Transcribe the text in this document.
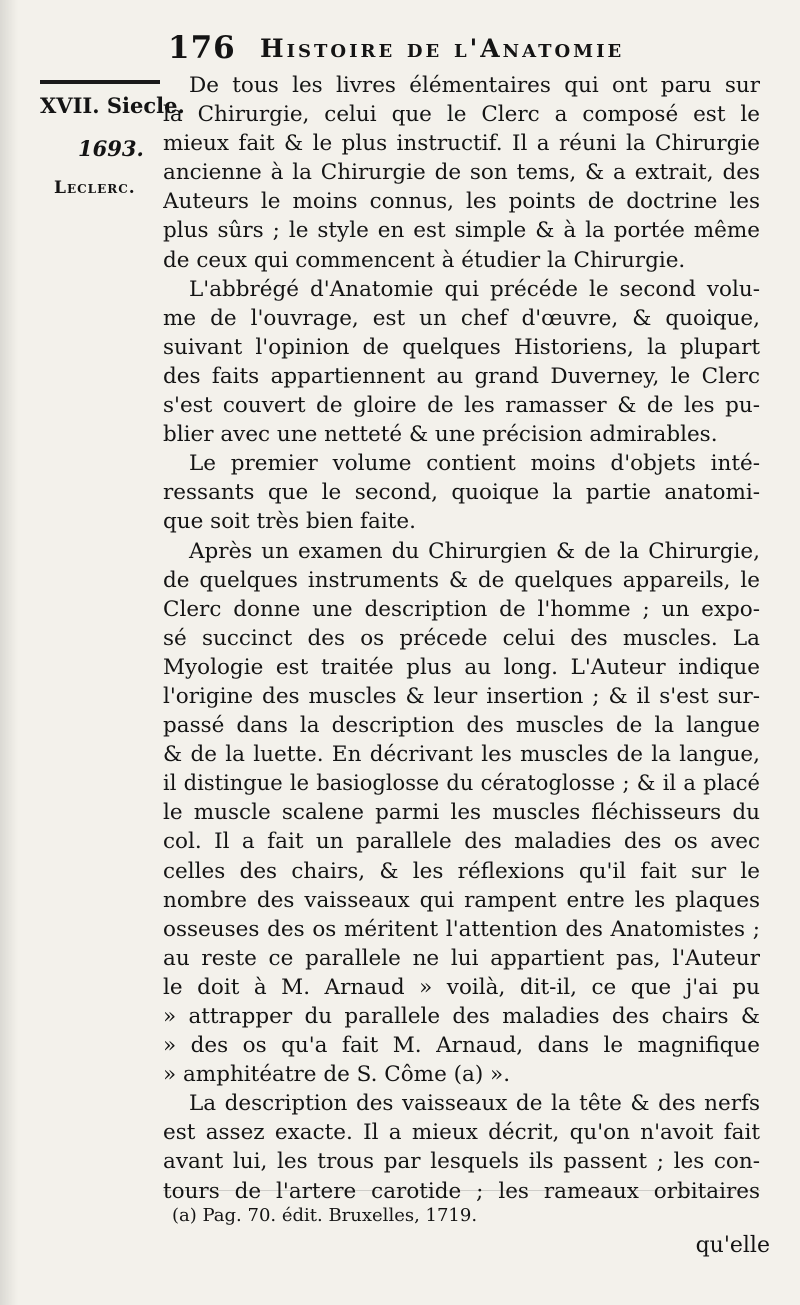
176 Histoire de l'Anatomie
XVII. Siecle.
1693.
Leclerc.
De tous les livres élémentaires qui ont paru sur
la Chirurgie, celui que le Clerc a composé est le
mieux fait & le plus instructif. Il a réuni la Chirurgie
ancienne à la Chirurgie de son tems, & a extrait, des
Auteurs le moins connus, les points de doctrine les
plus sûrs ; le style en est simple & à la portée même
de ceux qui commencent à étudier la Chirurgie.
L'abbrégé d'Anatomie qui précéde le second volu-
me de l'ouvrage, est un chef d'œuvre, & quoique,
suivant l'opinion de quelques Historiens, la plupart
des faits appartiennent au grand Duverney, le Clerc
s'est couvert de gloire de les ramasser & de les pu-
blier avec une netteté & une précision admirables.
Le premier volume contient moins d'objets inté-
ressants que le second, quoique la partie anatomi-
que soit très bien faite.
Après un examen du Chirurgien & de la Chirurgie,
de quelques instruments & de quelques appareils, le
Clerc donne une description de l'homme ; un expo-
sé succinct des os précede celui des muscles. La
Myologie est traitée plus au long. L'Auteur indique
l'origine des muscles & leur insertion ; & il s'est sur-
passé dans la description des muscles de la langue
& de la luette. En décrivant les muscles de la langue,
il distingue le basioglosse du cératoglosse ; & il a placé
le muscle scalene parmi les muscles fléchisseurs du
col. Il a fait un parallele des maladies des os avec
celles des chairs, & les réflexions qu'il fait sur le
nombre des vaisseaux qui rampent entre les plaques
osseuses des os méritent l'attention des Anatomistes ;
au reste ce parallele ne lui appartient pas, l'Auteur
le doit à M. Arnaud » voilà, dit-il, ce que j'ai pu
» attrapper du parallele des maladies des chairs &
» des os qu'a fait M. Arnaud, dans le magnifique
» amphitéatre de S. Côme (a) ».
La description des vaisseaux de la tête & des nerfs
est assez exacte. Il a mieux décrit, qu'on n'avoit fait
avant lui, les trous par lesquels ils passent ; les con-
tours de l'artere carotide ; les rameaux orbitaires
(a) Pag. 70. édit. Bruxelles, 1719.
qu'elle
